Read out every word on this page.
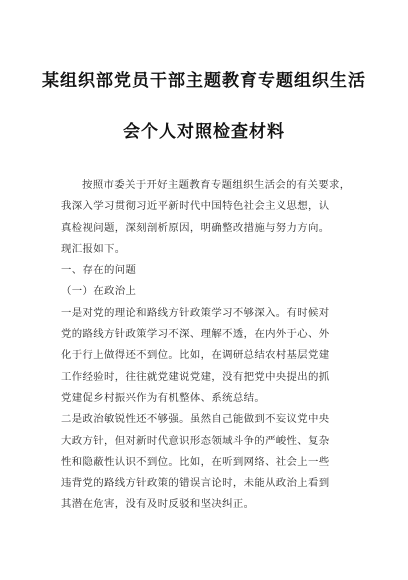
某组织部党员干部主题教育专题组织生活
会个人对照检查材料
按照市委关于开好主题教育专题组织生活会的有关要求，
我深入学习贯彻习近平新时代中国特色社会主义思想，认
真检视问题，深刻剖析原因，明确整改措施与努力方向。
现汇报如下。
一、存在的问题
（一）在政治上
一是对党的理论和路线方针政策学习不够深入。有时候对
党的路线方针政策学习不深、理解不透，在内外于心、外
化于行上做得还不到位。比如，在调研总结农村基层党建
工作经验时，往往就党建说党建，没有把党中央提出的抓
党建促乡村振兴作为有机整体、系统总结。
二是政治敏锐性还不够强。虽然自己能做到不妄议党中央
大政方针，但对新时代意识形态领域斗争的严峻性、复杂
性和隐蔽性认识不到位。比如，在听到网络、社会上一些
违背党的路线方针政策的错误言论时，未能从政治上看到
其潜在危害，没有及时反驳和坚决纠正。
